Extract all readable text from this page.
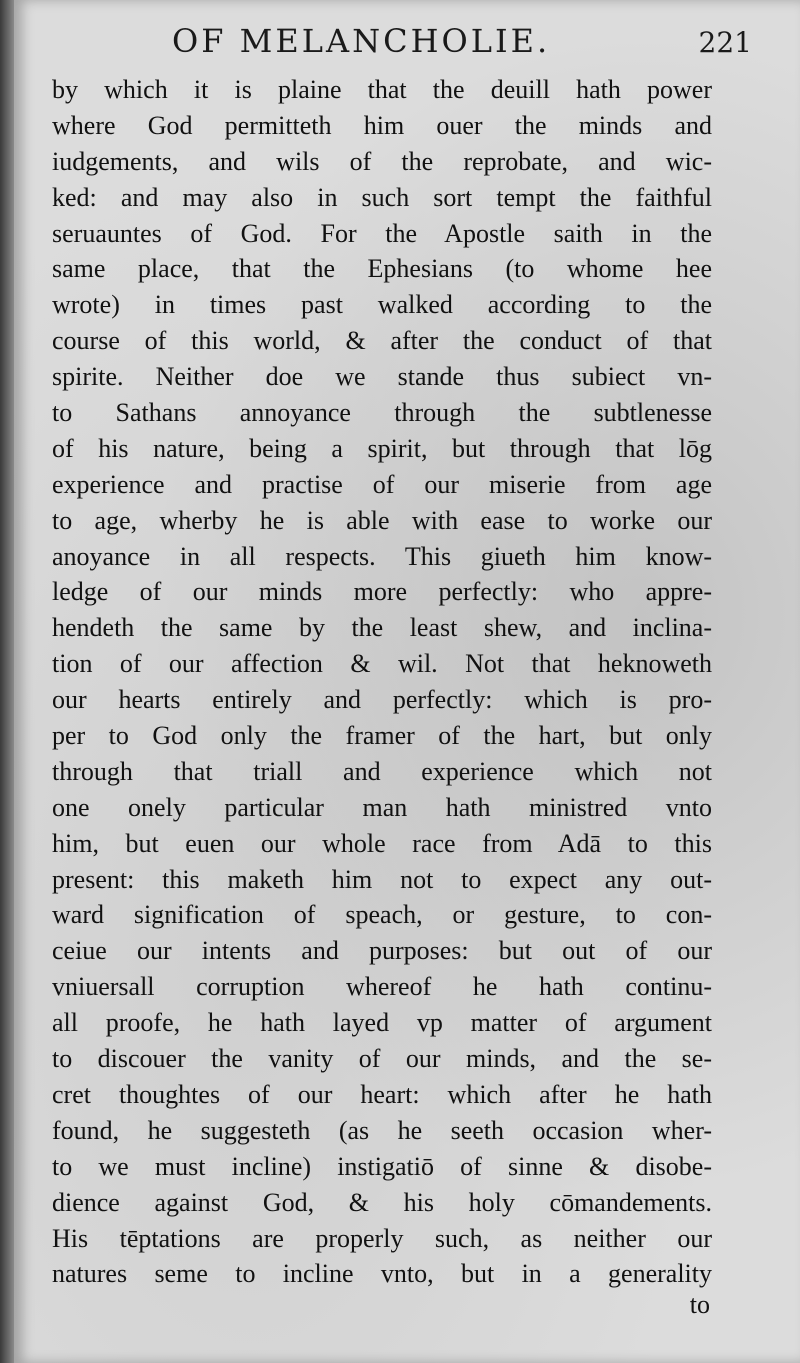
OF MELANCHOLIE.	221
by which it is plaine that the deuill hath power
where God permitteth him ouer the minds and
iudgements, and wils of the reprobate, and wic-
ked: and may also in such sort tempt the faithful
seruauntes of God. For the Apostle saith in the
same place, that the Ephesians (to whome hee
wrote) in times past walked according to the
course of this world, & after the conduct of that
spirite. Neither doe we stande thus subiect vn-
to Sathans annoyance through the subtlenesse
of his nature, being a spirit, but through that lōg
experience and practise of our miserie from age
to age, wherby he is able with ease to worke our
anoyance in all respects. This giueth him know-
ledge of our minds more perfectly: who appre-
hendeth the same by the least shew, and inclina-
tion of our affection & wil. Not that heknoweth
our hearts entirely and perfectly: which is pro-
per to God only the framer of the hart, but only
through that triall and experience which not
one onely particular man hath ministred vnto
him, but euen our whole race from Adā to this
present: this maketh him not to expect any out-
ward signification of speach, or gesture, to con-
ceiue our intents and purposes: but out of our
vniuersall corruption whereof he hath continu-
all proofe, he hath layed vp matter of argument
to discouer the vanity of our minds, and the se-
cret thoughtes of our heart: which after he hath
found, he suggesteth (as he seeth occasion wher-
to we must incline) instigatiō of sinne & disobe-
dience against God, & his holy cōmandements.
His tēptations are properly such, as neither our
natures seme to incline vnto, but in a generality
to
